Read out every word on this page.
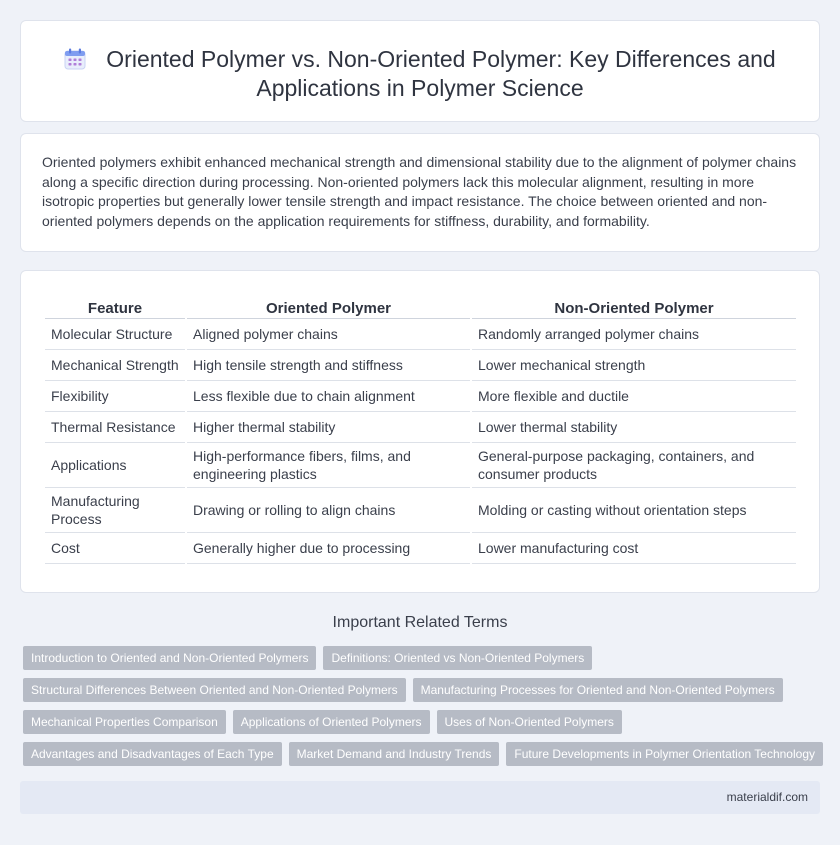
Oriented Polymer vs. Non-Oriented Polymer: Key Differences and Applications in Polymer Science

Oriented polymers exhibit enhanced mechanical strength and dimensional stability due to the alignment of polymer chains along a specific direction during processing. Non-oriented polymers lack this molecular alignment, resulting in more isotropic properties but generally lower tensile strength and impact resistance. The choice between oriented and non-oriented polymers depends on the application requirements for stiffness, durability, and formability.

Feature	Oriented Polymer	Non-Oriented Polymer
Molecular Structure	Aligned polymer chains	Randomly arranged polymer chains
Mechanical Strength	High tensile strength and stiffness	Lower mechanical strength
Flexibility	Less flexible due to chain alignment	More flexible and ductile
Thermal Resistance	Higher thermal stability	Lower thermal stability
Applications	High-performance fibers, films, and engineering plastics	General-purpose packaging, containers, and consumer products
Manufacturing Process	Drawing or rolling to align chains	Molding or casting without orientation steps
Cost	Generally higher due to processing	Lower manufacturing cost
Important Related Terms
Introduction to Oriented and Non-Oriented Polymers	Definitions: Oriented vs Non-Oriented Polymers
Structural Differences Between Oriented and Non-Oriented Polymers	Manufacturing Processes for Oriented and Non-Oriented Polymers
Mechanical Properties Comparison	Applications of Oriented Polymers	Uses of Non-Oriented Polymers
Advantages and Disadvantages of Each Type	Market Demand and Industry Trends	Future Developments in Polymer Orientation Technology
materialdif.com
